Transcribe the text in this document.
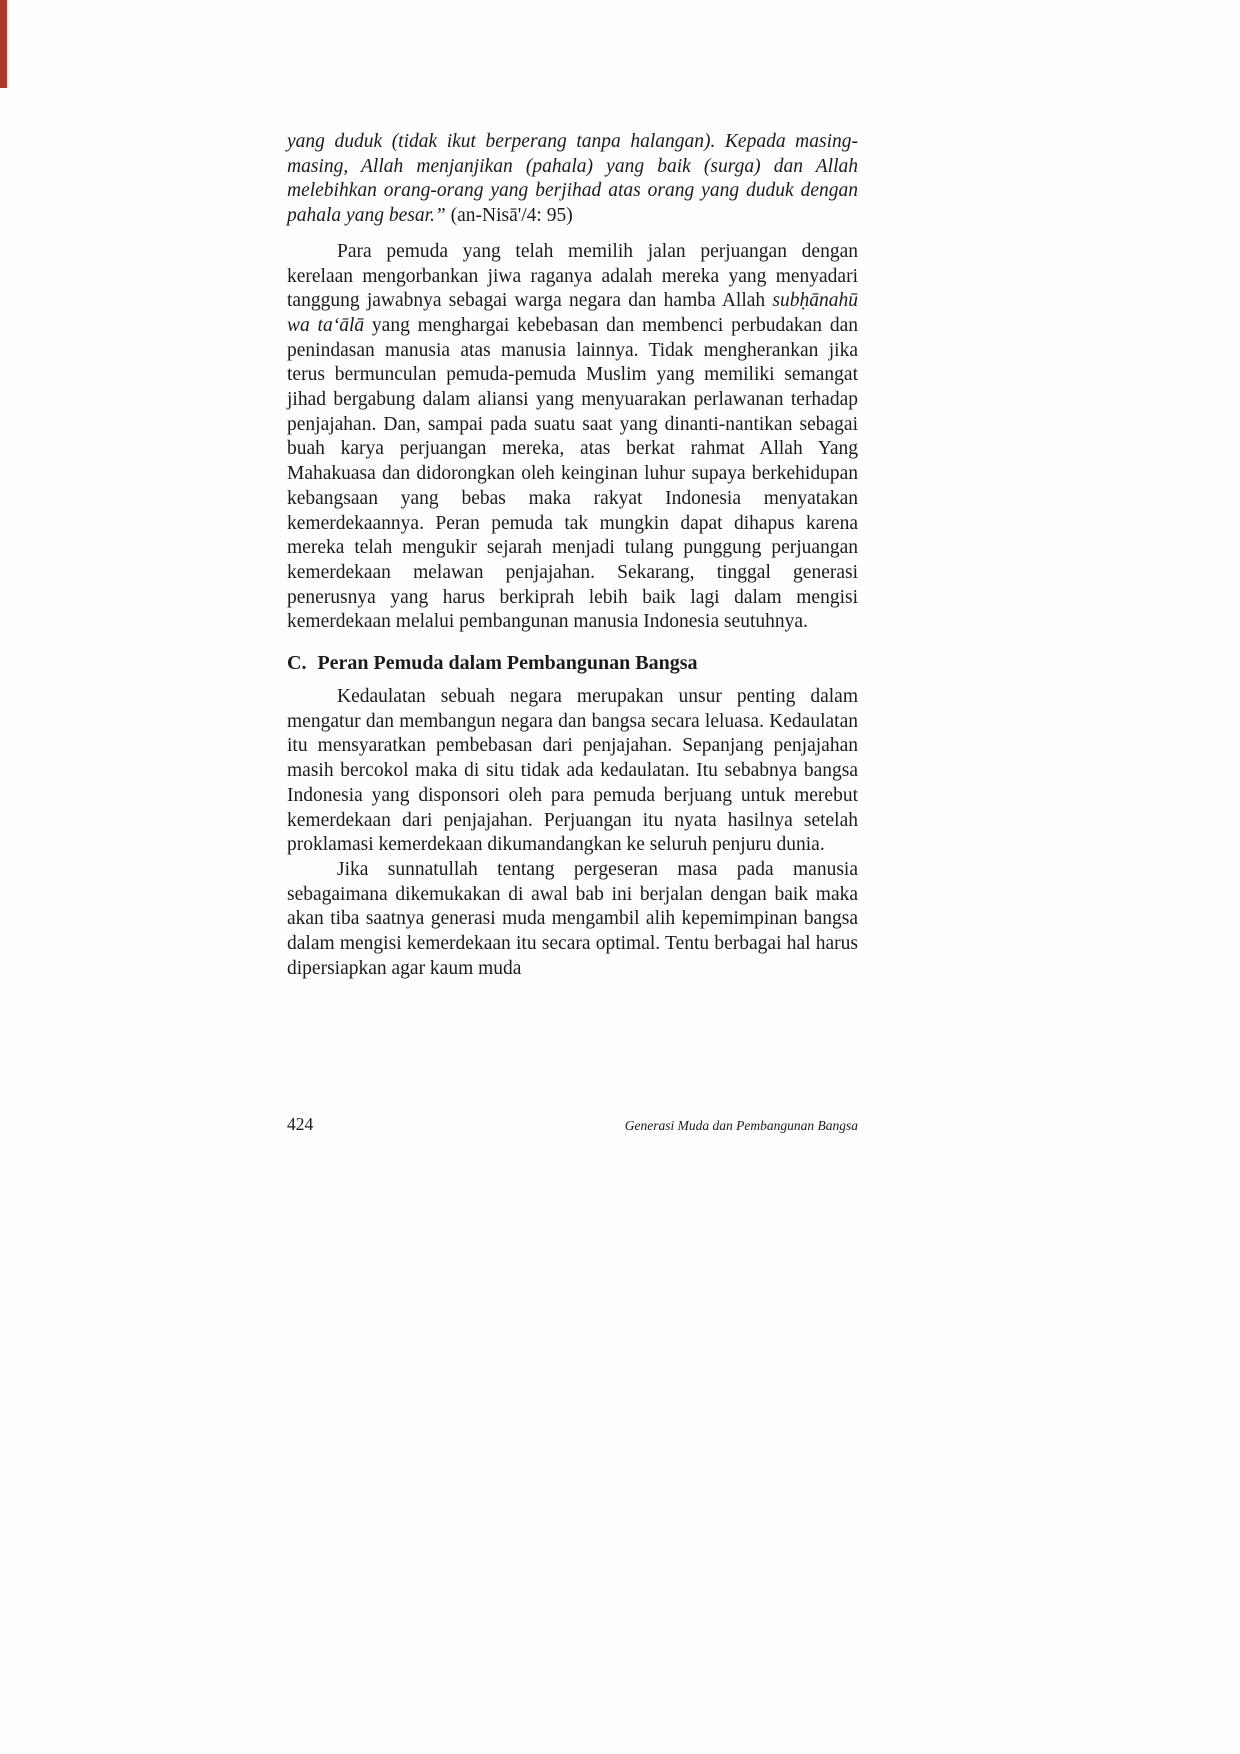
yang duduk (tidak ikut berperang tanpa halangan). Kepada masing-masing, Allah menjanjikan (pahala) yang baik (surga) dan Allah melebihkan orang-orang yang berjihad atas orang yang duduk dengan pahala yang besar.” (an-Nisā'/4: 95)

Para pemuda yang telah memilih jalan perjuangan dengan kerelaan mengorbankan jiwa raganya adalah mereka yang menyadari tanggung jawabnya sebagai warga negara dan hamba Allah subḥānahū wa ta‘ālā yang menghargai kebebasan dan membenci perbudakan dan penindasan manusia atas manusia lainnya. Tidak mengherankan jika terus bermunculan pemuda-pemuda Muslim yang memiliki semangat jihad bergabung dalam aliansi yang menyuarakan perlawanan terhadap penjajahan. Dan, sampai pada suatu saat yang dinanti-nantikan sebagai buah karya perjuangan mereka, atas berkat rahmat Allah Yang Mahakuasa dan didorongkan oleh keinginan luhur supaya berkehidupan kebangsaan yang bebas maka rakyat Indonesia menyatakan kemerdekaannya. Peran pemuda tak mungkin dapat dihapus karena mereka telah mengukir sejarah menjadi tulang punggung perjuangan kemerdekaan melawan penjajahan. Sekarang, tinggal generasi penerusnya yang harus berkiprah lebih baik lagi dalam mengisi kemerdekaan melalui pembangunan manusia Indonesia seutuhnya.

C. Peran Pemuda dalam Pembangunan Bangsa

Kedaulatan sebuah negara merupakan unsur penting dalam mengatur dan membangun negara dan bangsa secara leluasa. Kedaulatan itu mensyaratkan pembebasan dari penjajahan. Sepanjang penjajahan masih bercokol maka di situ tidak ada kedaulatan. Itu sebabnya bangsa Indonesia yang disponsori oleh para pemuda berjuang untuk merebut kemerdekaan dari penjajahan. Perjuangan itu nyata hasilnya setelah proklamasi kemerdekaan dikumandangkan ke seluruh penjuru dunia.

Jika sunnatullah tentang pergeseran masa pada manusia sebagaimana dikemukakan di awal bab ini berjalan dengan baik maka akan tiba saatnya generasi muda mengambil alih kepemimpinan bangsa dalam mengisi kemerdekaan itu secara optimal. Tentu berbagai hal harus dipersiapkan agar kaum muda

424	Generasi Muda dan Pembangunan Bangsa
